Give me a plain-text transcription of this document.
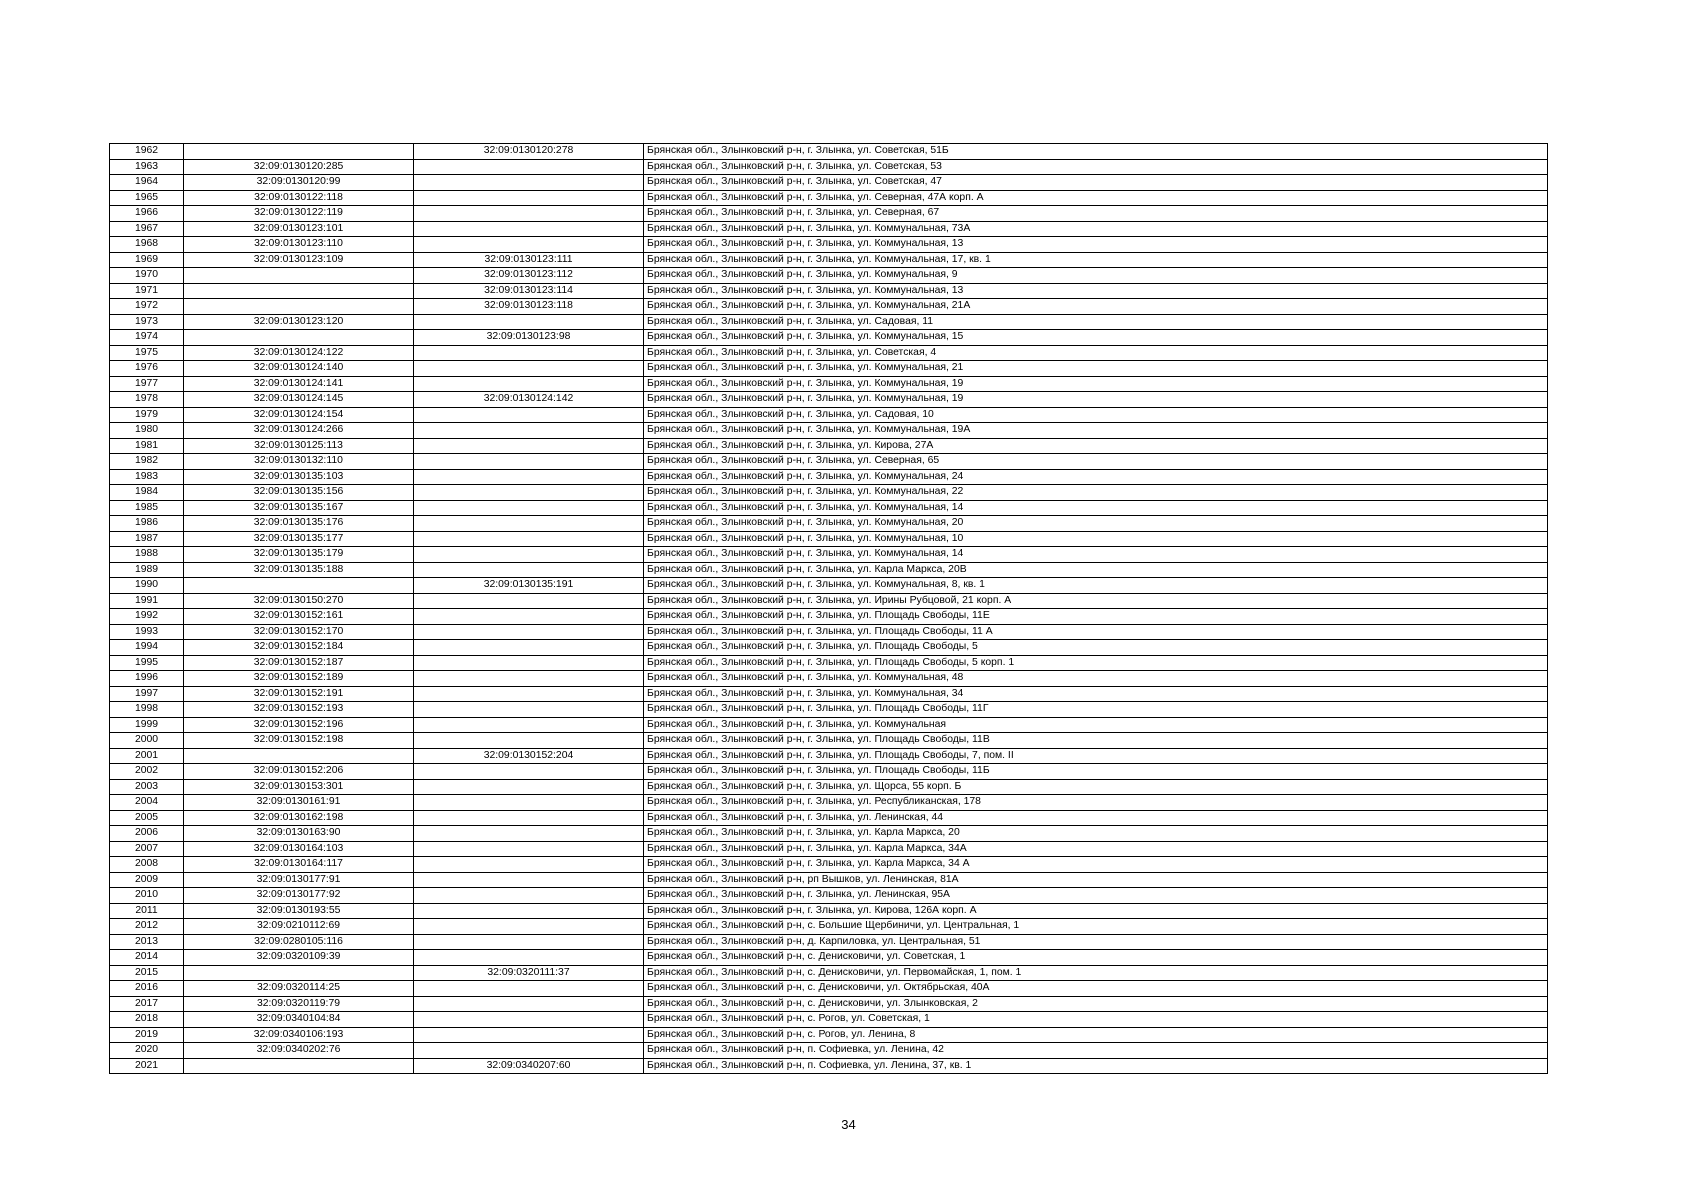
1962		32:09:0130120:278	Брянская обл., Злынковский р-н, г. Злынка, ул. Советская, 51Б
1963	32:09:0130120:285		Брянская обл., Злынковский р-н, г. Злынка, ул. Советская, 53
1964	32:09:0130120:99		Брянская обл., Злынковский р-н, г. Злынка, ул. Советская, 47
1965	32:09:0130122:118		Брянская обл., Злынковский р-н, г. Злынка, ул. Северная, 47А корп. А
1966	32:09:0130122:119		Брянская обл., Злынковский р-н, г. Злынка, ул. Северная, 67
1967	32:09:0130123:101		Брянская обл., Злынковский р-н, г. Злынка, ул. Коммунальная, 73А
1968	32:09:0130123:110		Брянская обл., Злынковский р-н, г. Злынка, ул. Коммунальная, 13
1969	32:09:0130123:109	32:09:0130123:111	Брянская обл., Злынковский р-н, г. Злынка, ул. Коммунальная, 17, кв. 1
1970		32:09:0130123:112	Брянская обл., Злынковский р-н, г. Злынка, ул. Коммунальная, 9
1971		32:09:0130123:114	Брянская обл., Злынковский р-н, г. Злынка, ул. Коммунальная, 13
1972		32:09:0130123:118	Брянская обл., Злынковский р-н, г. Злынка, ул. Коммунальная, 21А
1973	32:09:0130123:120		Брянская обл., Злынковский р-н, г. Злынка, ул. Садовая, 11
1974		32:09:0130123:98	Брянская обл., Злынковский р-н, г. Злынка, ул. Коммунальная, 15
1975	32:09:0130124:122		Брянская обл., Злынковский р-н, г. Злынка, ул. Советская, 4
1976	32:09:0130124:140		Брянская обл., Злынковский р-н, г. Злынка, ул. Коммунальная, 21
1977	32:09:0130124:141		Брянская обл., Злынковский р-н, г. Злынка, ул. Коммунальная, 19
1978	32:09:0130124:145	32:09:0130124:142	Брянская обл., Злынковский р-н, г. Злынка, ул. Коммунальная, 19
1979	32:09:0130124:154		Брянская обл., Злынковский р-н, г. Злынка, ул. Садовая, 10
1980	32:09:0130124:266		Брянская обл., Злынковский р-н, г. Злынка, ул. Коммунальная, 19А
1981	32:09:0130125:113		Брянская обл., Злынковский р-н, г. Злынка, ул. Кирова, 27А
1982	32:09:0130132:110		Брянская обл., Злынковский р-н, г. Злынка, ул. Северная, 65
1983	32:09:0130135:103		Брянская обл., Злынковский р-н, г. Злынка, ул. Коммунальная, 24
1984	32:09:0130135:156		Брянская обл., Злынковский р-н, г. Злынка, ул. Коммунальная, 22
1985	32:09:0130135:167		Брянская обл., Злынковский р-н, г. Злынка, ул. Коммунальная, 14
1986	32:09:0130135:176		Брянская обл., Злынковский р-н, г. Злынка, ул. Коммунальная, 20
1987	32:09:0130135:177		Брянская обл., Злынковский р-н, г. Злынка, ул. Коммунальная, 10
1988	32:09:0130135:179		Брянская обл., Злынковский р-н, г. Злынка, ул. Коммунальная, 14
1989	32:09:0130135:188		Брянская обл., Злынковский р-н, г. Злынка, ул. Карла Маркса, 20В
1990		32:09:0130135:191	Брянская обл., Злынковский р-н, г. Злынка, ул. Коммунальная, 8, кв. 1
1991	32:09:0130150:270		Брянская обл., Злынковский р-н, г. Злынка, ул. Ирины Рубцовой, 21 корп. А
1992	32:09:0130152:161		Брянская обл., Злынковский р-н, г. Злынка, ул. Площадь Свободы, 11Е
1993	32:09:0130152:170		Брянская обл., Злынковский р-н, г. Злынка, ул. Площадь Свободы, 11 А
1994	32:09:0130152:184		Брянская обл., Злынковский р-н, г. Злынка, ул. Площадь Свободы, 5
1995	32:09:0130152:187		Брянская обл., Злынковский р-н, г. Злынка, ул. Площадь Свободы, 5 корп. 1
1996	32:09:0130152:189		Брянская обл., Злынковский р-н, г. Злынка, ул. Коммунальная, 48
1997	32:09:0130152:191		Брянская обл., Злынковский р-н, г. Злынка, ул. Коммунальная, 34
1998	32:09:0130152:193		Брянская обл., Злынковский р-н, г. Злынка, ул. Площадь Свободы, 11Г
1999	32:09:0130152:196		Брянская обл., Злынковский р-н, г. Злынка, ул. Коммунальная
2000	32:09:0130152:198		Брянская обл., Злынковский р-н, г. Злынка, ул. Площадь Свободы, 11В
2001		32:09:0130152:204	Брянская обл., Злынковский р-н, г. Злынка, ул. Площадь Свободы, 7, пом. II
2002	32:09:0130152:206		Брянская обл., Злынковский р-н, г. Злынка, ул. Площадь Свободы, 11Б
2003	32:09:0130153:301		Брянская обл., Злынковский р-н, г. Злынка, ул. Щорса, 55 корп. Б
2004	32:09:0130161:91		Брянская обл., Злынковский р-н, г. Злынка, ул. Республиканская, 178
2005	32:09:0130162:198		Брянская обл., Злынковский р-н, г. Злынка, ул. Ленинская, 44
2006	32:09:0130163:90		Брянская обл., Злынковский р-н, г. Злынка, ул. Карла Маркса, 20
2007	32:09:0130164:103		Брянская обл., Злынковский р-н, г. Злынка, ул. Карла Маркса, 34А
2008	32:09:0130164:117		Брянская обл., Злынковский р-н, г. Злынка, ул. Карла Маркса, 34 А
2009	32:09:0130177:91		Брянская обл., Злынковский р-н, рп Вышков, ул. Ленинская, 81А
2010	32:09:0130177:92		Брянская обл., Злынковский р-н, г. Злынка, ул. Ленинская, 95А
2011	32:09:0130193:55		Брянская обл., Злынковский р-н, г. Злынка, ул. Кирова, 126А корп. А
2012	32:09:0210112:69		Брянская обл., Злынковский р-н, с. Большие Щербиничи, ул. Центральная, 1
2013	32:09:0280105:116		Брянская обл., Злынковский р-н, д. Карпиловка, ул. Центральная, 51
2014	32:09:0320109:39		Брянская обл., Злынковский р-н, с. Денисковичи, ул. Советская, 1
2015		32:09:0320111:37	Брянская обл., Злынковский р-н, с. Денисковичи, ул. Первомайская, 1, пом. 1
2016	32:09:0320114:25		Брянская обл., Злынковский р-н, с. Денисковичи, ул. Октябрьская, 40А
2017	32:09:0320119:79		Брянская обл., Злынковский р-н, с. Денисковичи, ул. Злынковская, 2
2018	32:09:0340104:84		Брянская обл., Злынковский р-н, с. Рогов, ул. Советская, 1
2019	32:09:0340106:193		Брянская обл., Злынковский р-н, с. Рогов, ул. Ленина, 8
2020	32:09:0340202:76		Брянская обл., Злынковский р-н, п. Софиевка, ул. Ленина, 42
2021		32:09:0340207:60	Брянская обл., Злынковский р-н, п. Софиевка, ул. Ленина, 37, кв. 1
34
